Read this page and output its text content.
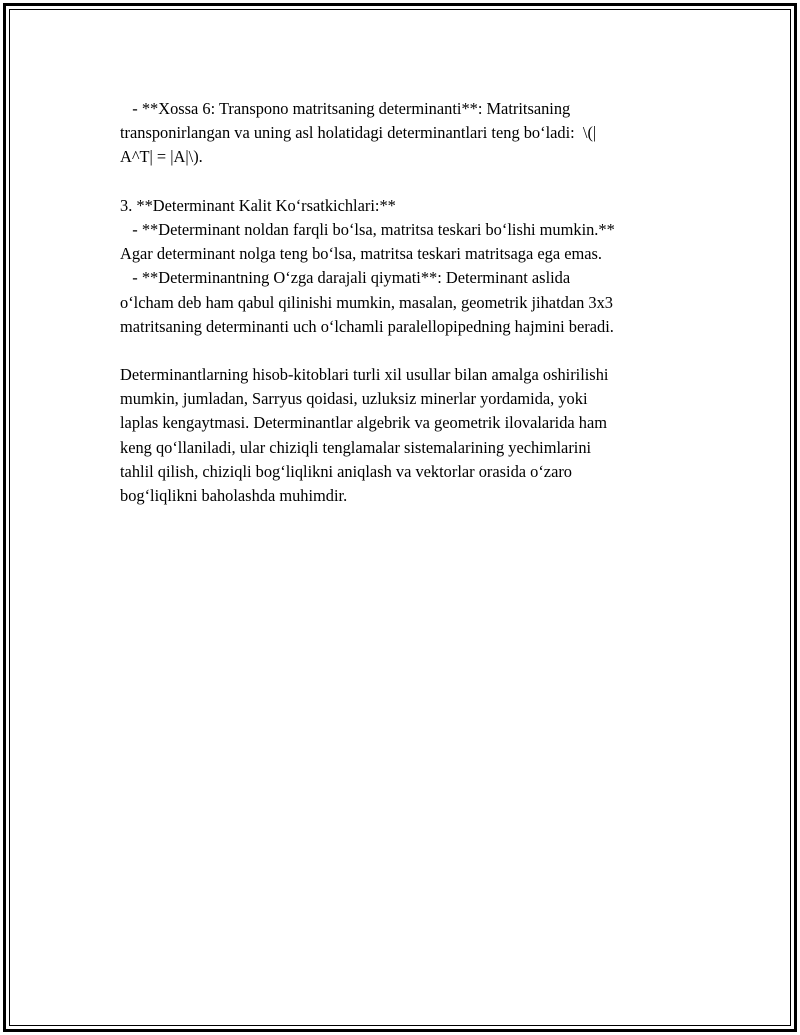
- **Xossa 6: Transpono matritsaning determinanti**: Matritsaning
transponirlangan va uning asl holatidagi determinantlari teng bo‘ladi:  \(|
A^T| = |A|\).
3. **Determinant Kalit Ko‘rsatkichlari:**
- **Determinant noldan farqli bo‘lsa, matritsa teskari bo‘lishi mumkin.**
Agar determinant nolga teng bo‘lsa, matritsa teskari matritsaga ega emas.
- **Determinantning O‘zga darajali qiymati**: Determinant aslida
o‘lcham deb ham qabul qilinishi mumkin, masalan, geometrik jihatdan 3x3
matritsaning determinanti uch o‘lchamli paralellopipedning hajmini beradi.
Determinantlarning hisob-kitoblari turli xil usullar bilan amalga oshirilishi
mumkin, jumladan, Sarryus qoidasi, uzluksiz minerlar yordamida, yoki
laplas kengaytmasi. Determinantlar algebrik va geometrik ilovalarida ham
keng qo‘llaniladi, ular chiziqli tenglamalar sistemalarining yechimlarini
tahlil qilish, chiziqli bog‘liqlikni aniqlash va vektorlar orasida o‘zaro
bog‘liqlikni baholashda muhimdir.
